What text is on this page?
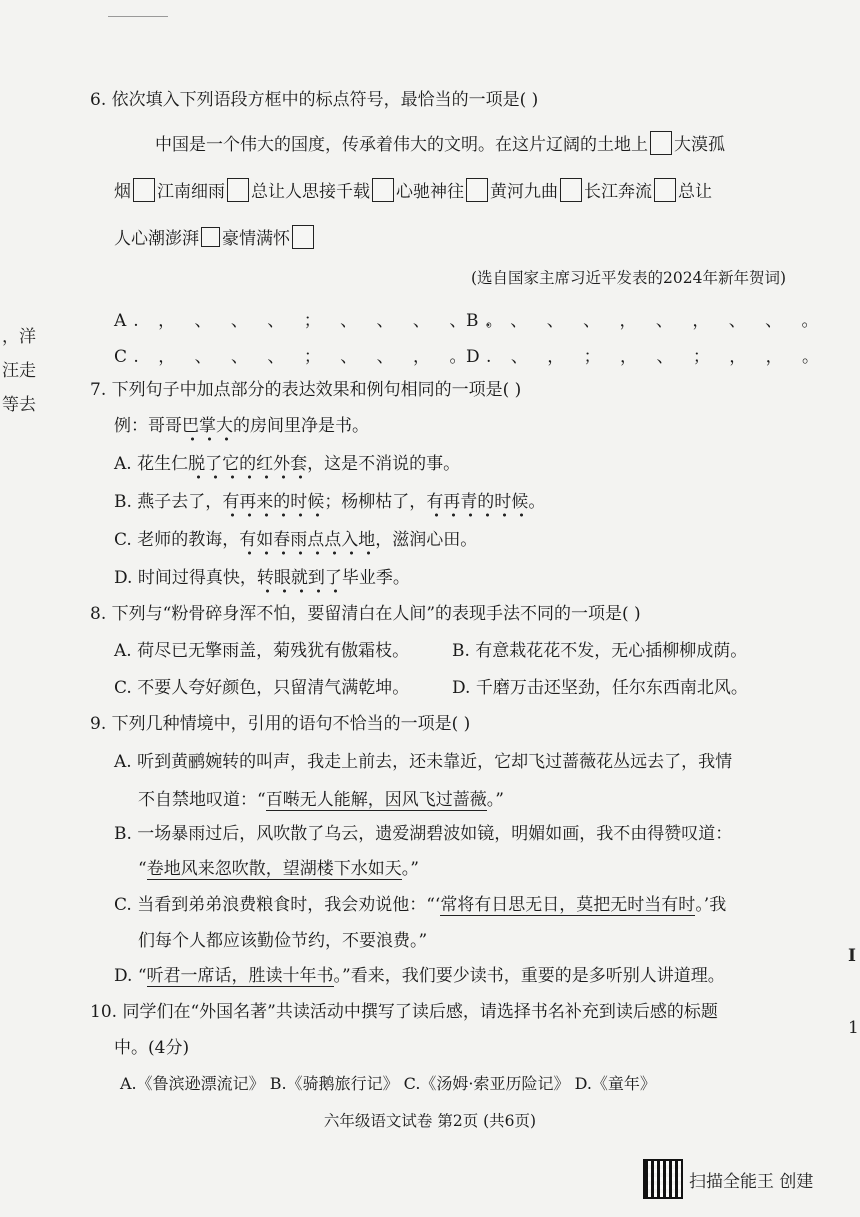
，洋
汪走
等去
I
1
6. 依次填入下列语段方框中的标点符号，最恰当的一项是( )
中国是一个伟大的国度，传承着伟大的文明。在这片辽阔的土地上 大漠孤
烟 江南细雨 总让人思接千载 心驰神往 黄河九曲 长江奔流 总让
人心潮澎湃 豪情满怀
(选自国家主席习近平发表的2024年新年贺词)
A. ， 、 、 、 ； 、 、 、 、 。
B. 、 、 、 ， 、 ， 、 、 。
C. ， 、 、 、 ； 、 、 ， 。
D. 、 ， ； ， 、 ； ， ， 。
7. 下列句子中加点部分的表达效果和例句相同的一项是( )
例：哥哥巴掌大的房间里净是书。
A. 花生仁脱了它的红外套，这是不消说的事。
B. 燕子去了，有再来的时候；杨柳枯了，有再青的时候。
C. 老师的教诲，有如春雨点点入地，滋润心田。
D. 时间过得真快，转眼就到了毕业季。
8. 下列与“粉骨碎身浑不怕，要留清白在人间”的表现手法不同的一项是( )
A. 荷尽已无擎雨盖，菊残犹有傲霜枝。	B. 有意栽花花不发，无心插柳柳成荫。
C. 不要人夸好颜色，只留清气满乾坤。	D. 千磨万击还坚劲，任尔东西南北风。
9. 下列几种情境中，引用的语句不恰当的一项是( )
A. 听到黄鹂婉转的叫声，我走上前去，还未靠近，它却飞过蔷薇花丛远去了，我情
不自禁地叹道：“百啭无人能解，因风飞过蔷薇。”
B. 一场暴雨过后，风吹散了乌云，遗爱湖碧波如镜，明媚如画，我不由得赞叹道：
“卷地风来忽吹散，望湖楼下水如天。”
C. 当看到弟弟浪费粮食时，我会劝说他：“‘常将有日思无日，莫把无时当有时。’我
们每个人都应该勤俭节约，不要浪费。”
D. “听君一席话，胜读十年书。”看来，我们要少读书，重要的是多听别人讲道理。
10. 同学们在“外国名著”共读活动中撰写了读后感，请选择书名补充到读后感的标题
中。(4分)
A.《鲁滨逊漂流记》 B.《骑鹅旅行记》 C.《汤姆·索亚历险记》 D.《童年》
六年级语文试卷 第2页 (共6页)
扫描全能王 创建
